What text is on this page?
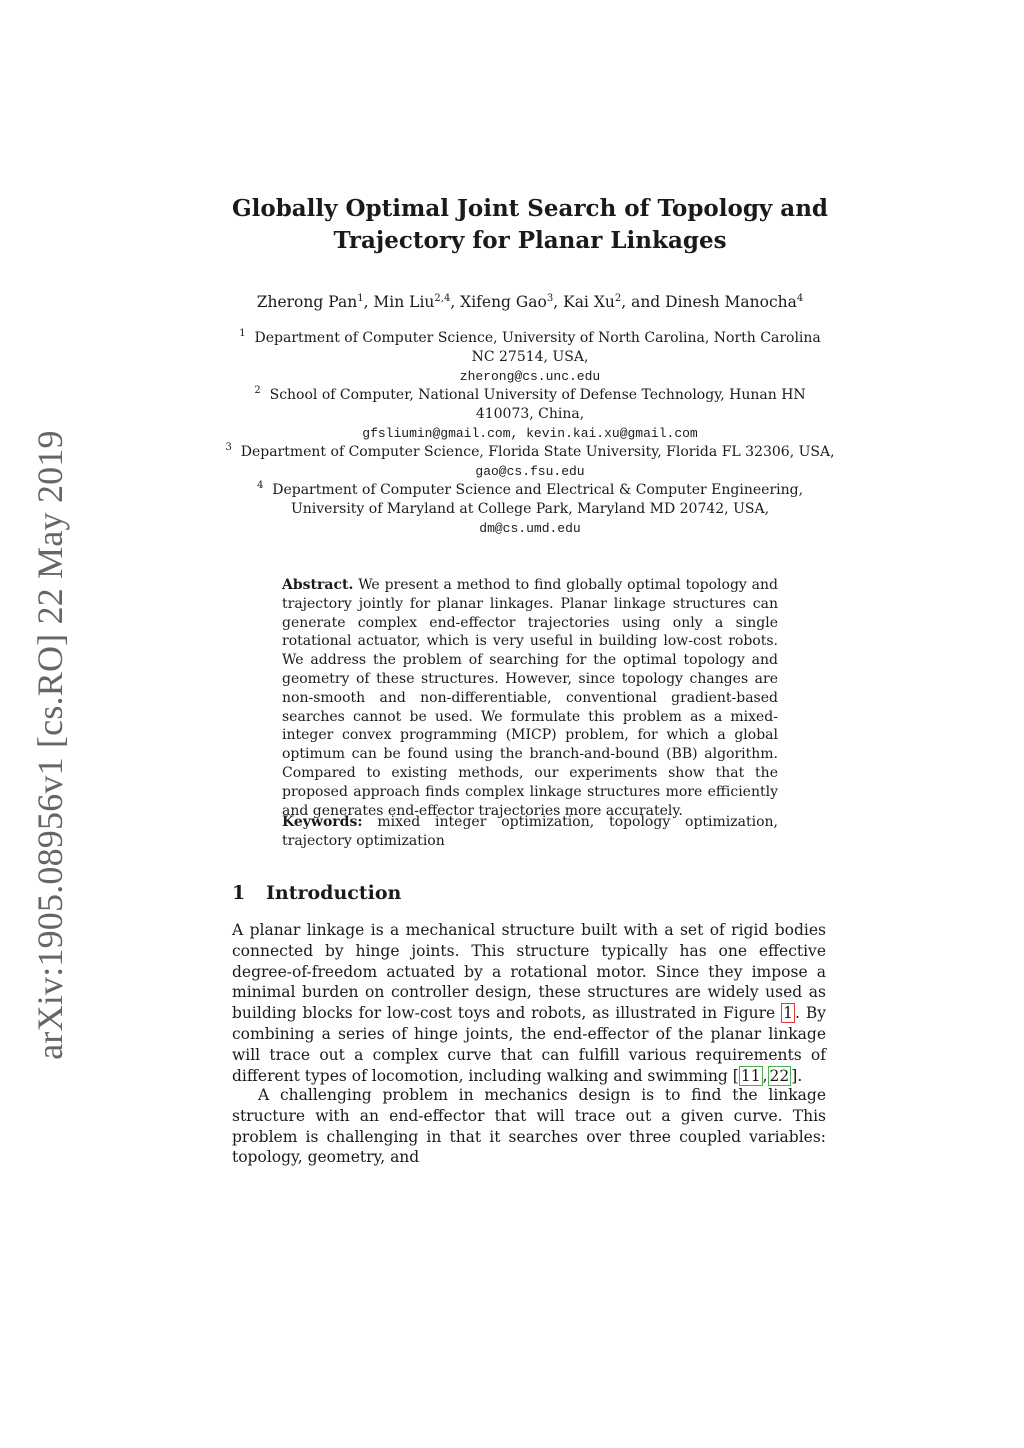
arXiv:1905.08956v1 [cs.RO] 22 May 2019
Globally Optimal Joint Search of Topology and
Trajectory for Planar Linkages
Zherong Pan$^1$, Min Liu$^{2,4}$, Xifeng Gao$^3$, Kai Xu$^2$, and Dinesh Manocha$^4$
$^1$ Department of Computer Science, University of North Carolina, North Carolina
NC 27514, USA,
zherong@cs.unc.edu
$^2$ School of Computer, National University of Defense Technology, Hunan HN
410073, China,
gfsliumin@gmail.com, kevin.kai.xu@gmail.com
$^3$ Department of Computer Science, Florida State University, Florida FL 32306, USA,
gao@cs.fsu.edu
$^4$ Department of Computer Science and Electrical & Computer Engineering,
University of Maryland at College Park, Maryland MD 20742, USA,
dm@cs.umd.edu
Abstract. We present a method to find globally optimal topology and trajectory jointly for planar linkages. Planar linkage structures can generate complex end-effector trajectories using only a single rotational actuator, which is very useful in building low-cost robots. We address the problem of searching for the optimal topology and geometry of these structures. However, since topology changes are non-smooth and non-differentiable, conventional gradient-based searches cannot be used. We formulate this problem as a mixed-integer convex programming (MICP) problem, for which a global optimum can be found using the branch-and-bound (BB) algorithm. Compared to existing methods, our experiments show that the proposed approach finds complex linkage structures more efficiently and generates end-effector trajectories more accurately.
Keywords: mixed integer optimization, topology optimization, trajectory optimization
1 Introduction
A planar linkage is a mechanical structure built with a set of rigid bodies connected by hinge joints. This structure typically has one effective degree-of-freedom actuated by a rotational motor. Since they impose a minimal burden on controller design, these structures are widely used as building blocks for low-cost toys and robots, as illustrated in Figure 1 . By combining a series of hinge joints, the end-effector of the planar linkage will trace out a complex curve that can fulfill various requirements of different types of locomotion, including walking and swimming [ 11 , 22 ].
A challenging problem in mechanics design is to find the linkage structure with an end-effector that will trace out a given curve. This problem is challenging in that it searches over three coupled variables: topology, geometry, and
